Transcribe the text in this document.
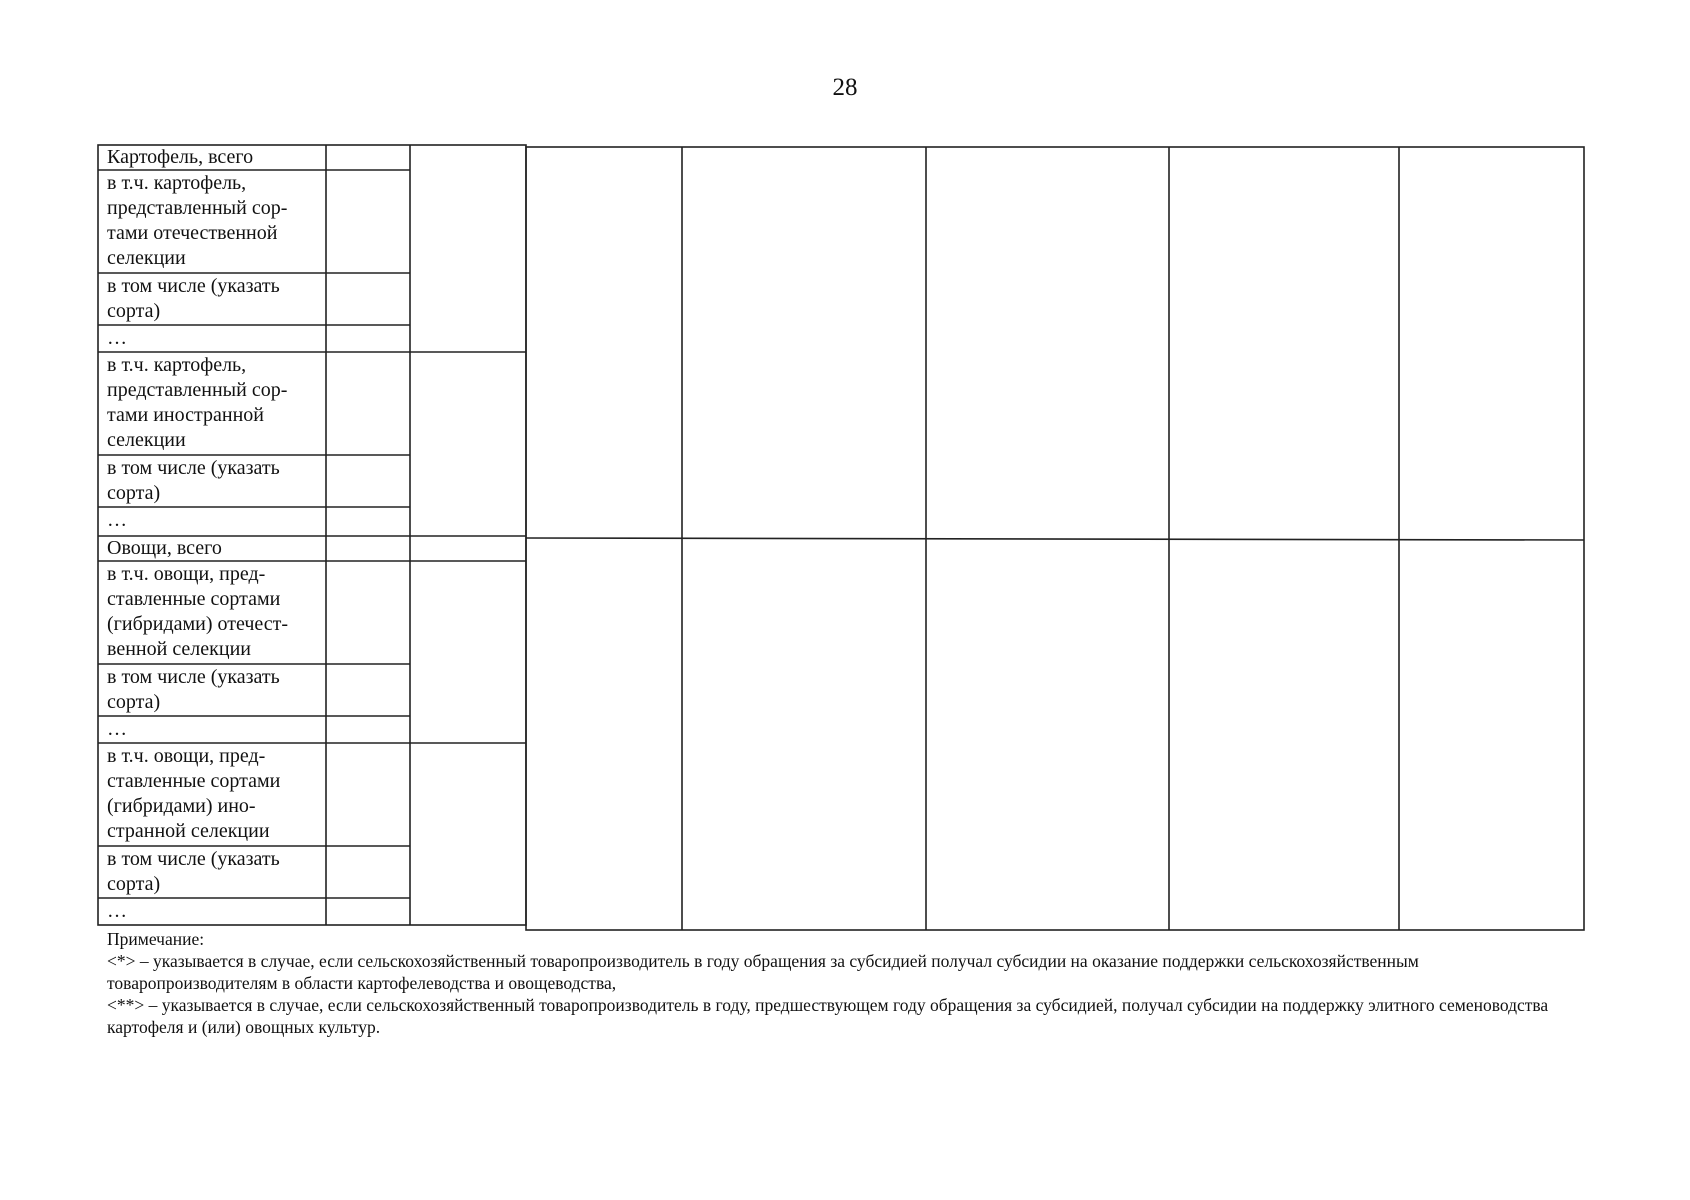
28
Картофель, всего
в т.ч. картофель,
представленный сор-
тами отечественной
селекции
в том числе (указать
сорта)
…
в т.ч. картофель,
представленный сор-
тами иностранной
селекции
в том числе (указать
сорта)
…
Овощи, всего
в т.ч. овощи, пред-
ставленные сортами
(гибридами) отечест-
венной селекции
в том числе (указать
сорта)
…
в т.ч. овощи, пред-
ставленные сортами
(гибридами) ино-
странной селекции
в том числе (указать
сорта)
…

Примечание:

<*> – указывается в случае, если сельскохозяйственный товаропроизводитель в году обращения за субсидией получал субсидии на оказание поддержки сельскохозяйственным товаропроизводителям в области картофелеводства и овощеводства,

<**> – указывается в случае, если сельскохозяйственный товаропроизводитель в году, предшествующем году обращения за субсидией, получал субсидии на поддержку элитного семеноводства картофеля и (или) овощных культур.
